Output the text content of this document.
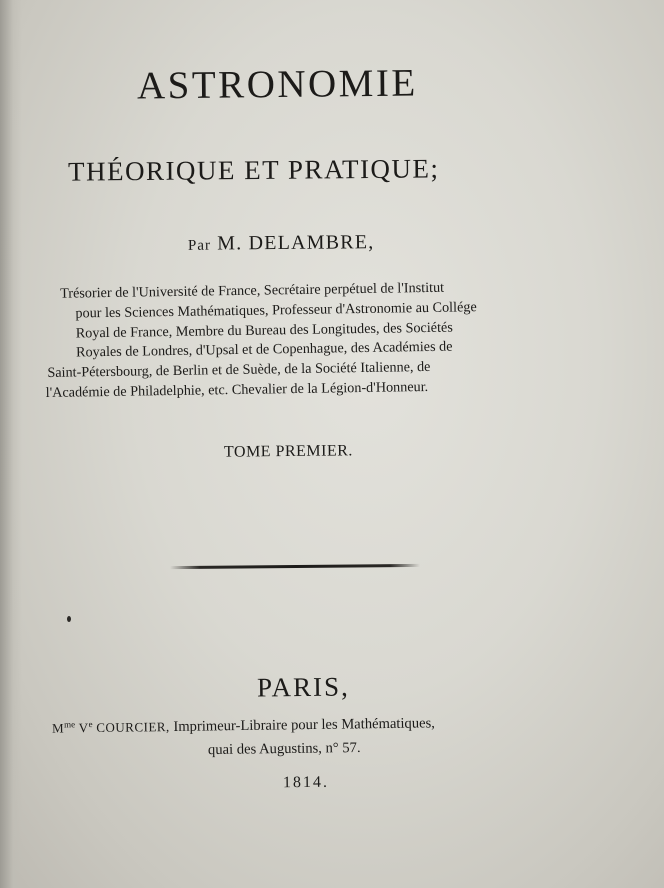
ASTRONOMIE
THÉORIQUE ET PRATIQUE;
Par M. DELAMBRE,
Trésorier de l'Université de France, Secrétaire perpétuel de l'Institut
pour les Sciences Mathématiques, Professeur d'Astronomie au Collége
Royal de France, Membre du Bureau des Longitudes, des Sociétés
Royales de Londres, d'Upsal et de Copenhague, des Académies de
Saint-Pétersbourg, de Berlin et de Suède, de la Société Italienne, de
l'Académie de Philadelphie, etc. Chevalier de la Légion-d'Honneur.
TOME PREMIER.
PARIS,
$M^{me}$ Ve COURCIER, Imprimeur-Libraire pour les Mathématiques,
quai des Augustins, n° 57.
1814.
